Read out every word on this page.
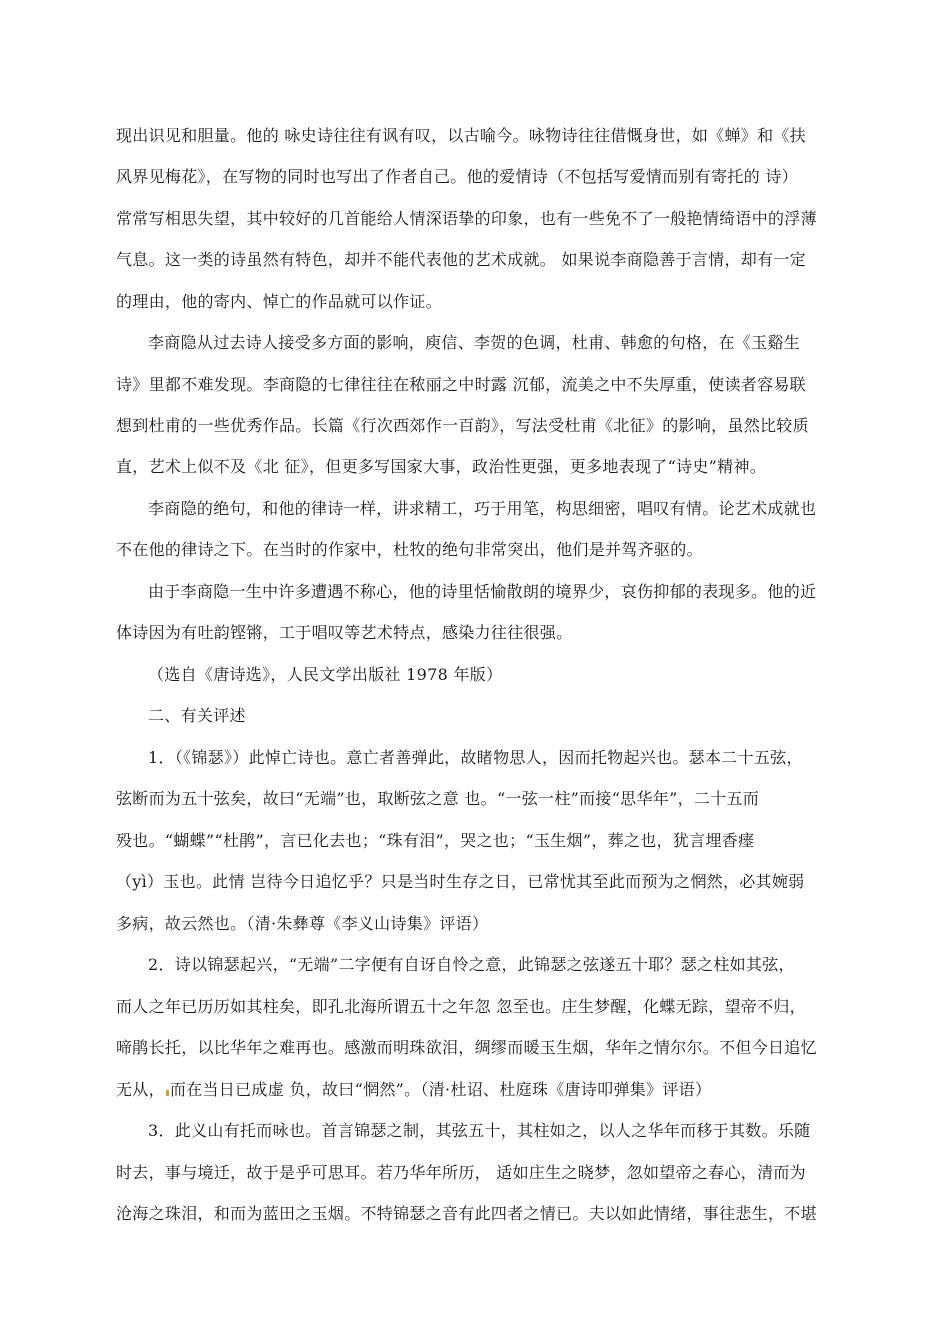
现出识见和胆量。他的 咏史诗往往有讽有叹，以古喻今。咏物诗往往借慨身世，如《蝉》和《扶
风界见梅花》，在写物的同时也写出了作者自己。他的爱情诗（不包括写爱情而别有寄托的 诗）
常常写相思失望，其中较好的几首能给人情深语挚的印象，也有一些免不了一般艳情绮语中的浮薄
气息。这一类的诗虽然有特色，却并不能代表他的艺术成就。 如果说李商隐善于言情，却有一定
的理由，他的寄内、悼亡的作品就可以作证。
李商隐从过去诗人接受多方面的影响，庾信、李贺的色调，杜甫、韩愈的句格，在《玉谿生
诗》里都不难发现。李商隐的七律往往在秾丽之中时露 沉郁，流美之中不失厚重，使读者容易联
想到杜甫的一些优秀作品。长篇《行次西郊作一百韵》，写法受杜甫《北征》的影响，虽然比较质
直，艺术上似不及《北 征》，但更多写国家大事，政治性更强，更多地表现了“诗史”精神。
李商隐的绝句，和他的律诗一样，讲求精工，巧于用笔，构思细密，唱叹有情。论艺术成就也
不在他的律诗之下。在当时的作家中，杜牧的绝句非常突出，他们是并驾齐驱的。
由于李商隐一生中许多遭遇不称心，他的诗里恬愉散朗的境界少，哀伤抑郁的表现多。他的近
体诗因为有吐韵铿锵，工于唱叹等艺术特点，感染力往往很强。
（选自《唐诗选》，人民文学出版社 1978 年版）
二、有关评述
1．（《锦瑟》）此悼亡诗也。意亡者善弹此，故睹物思人，因而托物起兴也。瑟本二十五弦，
弦断而为五十弦矣，故曰“无端”也，取断弦之意 也。“一弦一柱”而接“思华年”，二十五而
殁也。“蝴蝶”“杜鹃”，言已化去也；“珠有泪”，哭之也；“玉生烟”，葬之也，犹言埋香瘗
（yì）玉也。此情 岂待今日追忆乎？只是当时生存之日，已常忧其至此而预为之惘然，必其婉弱
多病，故云然也。（清·朱彝尊《李义山诗集》评语）
2．诗以锦瑟起兴，“无端”二字便有自讶自怜之意，此锦瑟之弦遂五十耶？瑟之柱如其弦，
而人之年已历历如其柱矣，即孔北海所谓五十之年忽 忽至也。庄生梦醒，化蝶无踪，望帝不归，
啼鹃长托，以比华年之难再也。感激而明珠欲泪，绸缪而暖玉生烟，华年之情尔尔。不但今日追忆
无从， 而在当日已成虚 负，故曰“惘然”。（清·杜诏、杜庭珠《唐诗叩弹集》评语）
3．此义山有托而咏也。首言锦瑟之制，其弦五十，其柱如之，以人之华年而移于其数。乐随
时去，事与境迁，故于是乎可思耳。若乃华年所历， 适如庄生之晓梦，忽如望帝之春心，清而为
沧海之珠泪，和而为蓝田之玉烟。不特锦瑟之音有此四者之情已。夫以如此情绪，事往悲生，不堪
